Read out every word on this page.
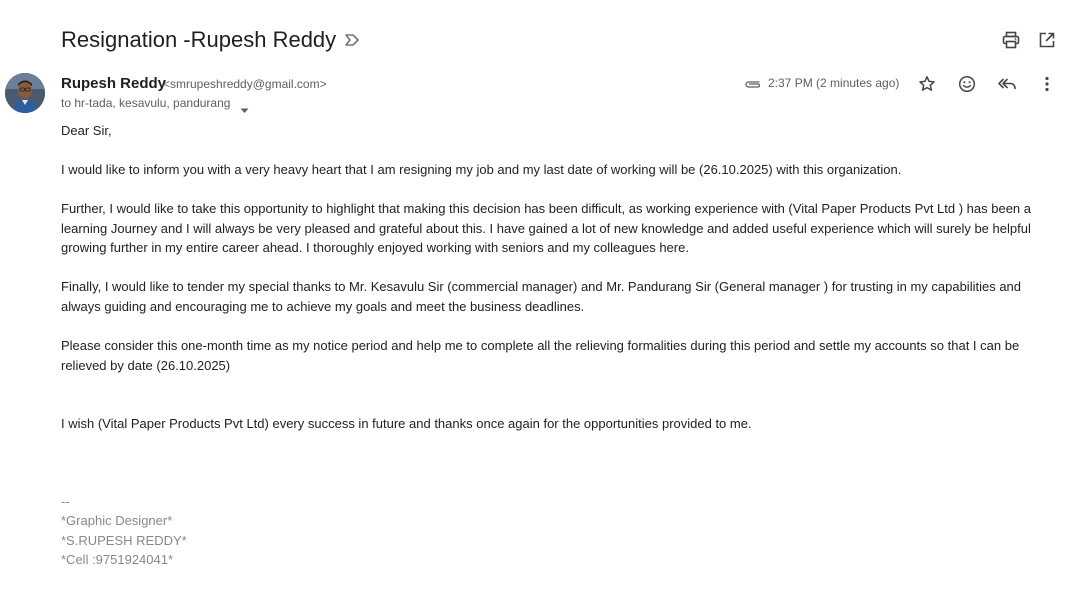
Resignation -Rupesh Reddy
Rupesh Reddy
<smrupeshreddy@gmail.com>
to hr-tada, kesavulu, pandurang
2:37 PM (2 minutes ago)
Dear Sir,
I would like to inform you with a very heavy heart that I am resigning my job and my last date of working will be (26.10.2025) with this organization.
Further, I would like to take this opportunity to highlight that making this decision has been difficult, as working experience with (Vital Paper Products Pvt Ltd ) has been a
learning Journey and I will always be very pleased and grateful about this. I have gained a lot of new knowledge and added useful experience which will surely be helpful
growing further in my entire career ahead. I thoroughly enjoyed working with seniors and my colleagues here.
Finally, I would like to tender my special thanks to Mr. Kesavulu Sir (commercial manager) and Mr. Pandurang Sir (General manager ) for trusting in my capabilities and
always guiding and encouraging me to achieve my goals and meet the business deadlines.
Please consider this one-month time as my notice period and help me to complete all the relieving formalities during this period and settle my accounts so that I can be
relieved by date (26.10.2025)
I wish (Vital Paper Products Pvt Ltd) every success in future and thanks once again for the opportunities provided to me.
--
*Graphic Designer*
*S.RUPESH REDDY*
*Cell :9751924041*
